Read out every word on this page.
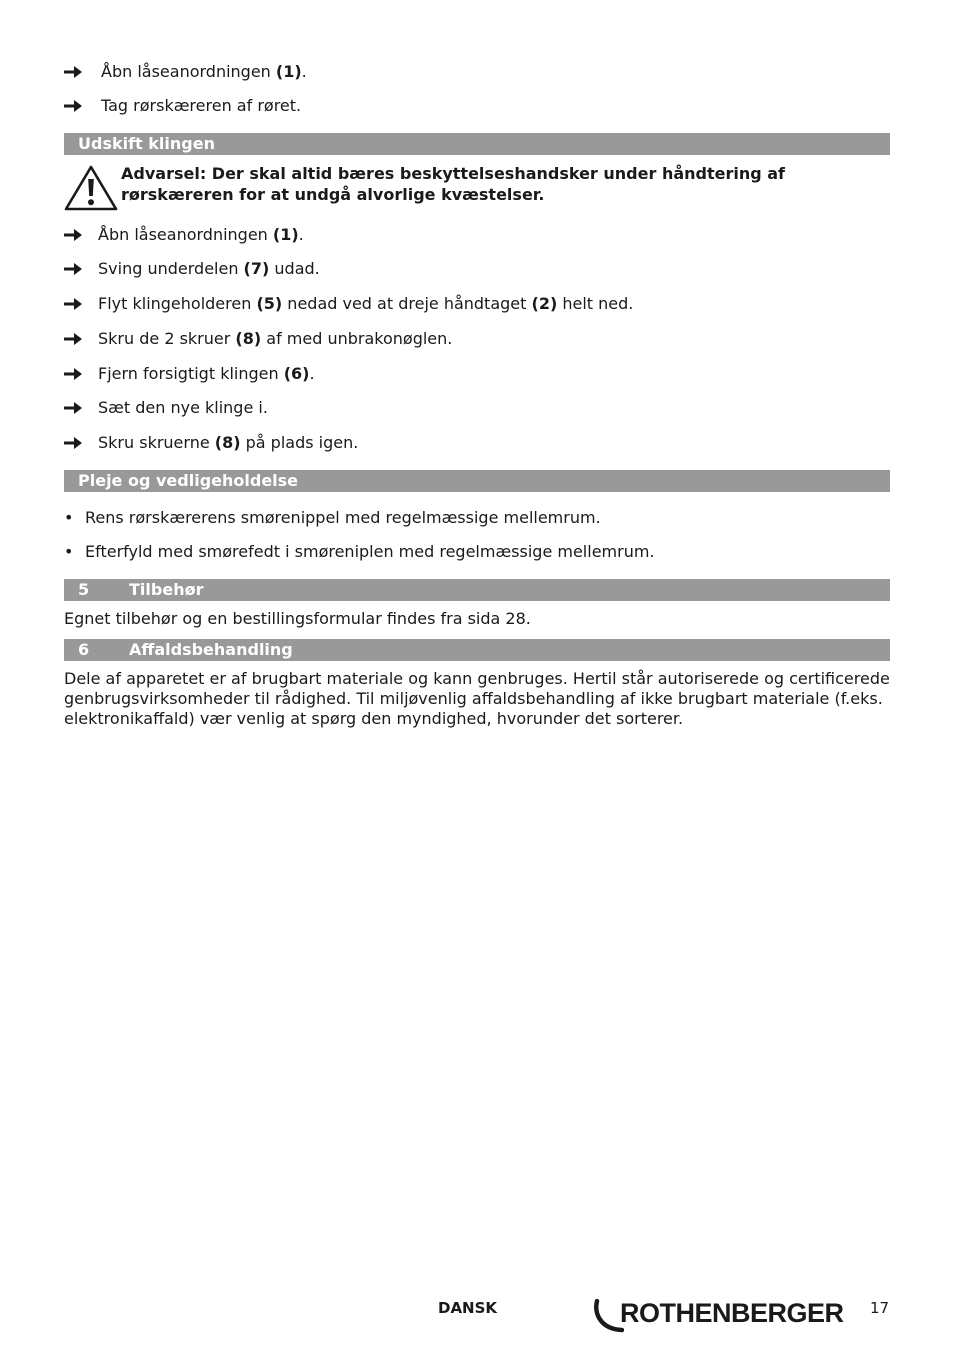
Åbn låseanordningen (1).
Tag rørskæreren af røret.
Udskift klingen
Advarsel: Der skal altid bæres beskyttelseshandsker under håndtering af rørskæreren for at undgå alvorlige kvæstelser.
Åbn låseanordningen (1).
Sving underdelen (7) udad.
Flyt klingeholderen (5) nedad ved at dreje håndtaget (2) helt ned.
Skru de 2 skruer (8) af med unbrakonøglen.
Fjern forsigtigt klingen (6).
Sæt den nye klinge i.
Skru skruerne (8) på plads igen.
Pleje og vedligeholdelse
• Rens rørskærerens smørenippel med regelmæssige mellemrum.
• Efterfyld med smørefedt i smøreniplen med regelmæssige mellemrum.
5 Tilbehør
Egnet tilbehør og en bestillingsformular findes fra sida 28.
6 Affaldsbehandling
Dele af apparetet er af brugbart materiale og kann genbruges. Hertil står autoriserede og certificerede genbrugsvirksomheder til rådighed. Til miljøvenlig affaldsbehandling af ikke brugbart materiale (f.eks. elektronikaffald) vær venlig at spørg den myndighed, hvorunder det sorterer.
DANSK	ROTHENBERGER 17
